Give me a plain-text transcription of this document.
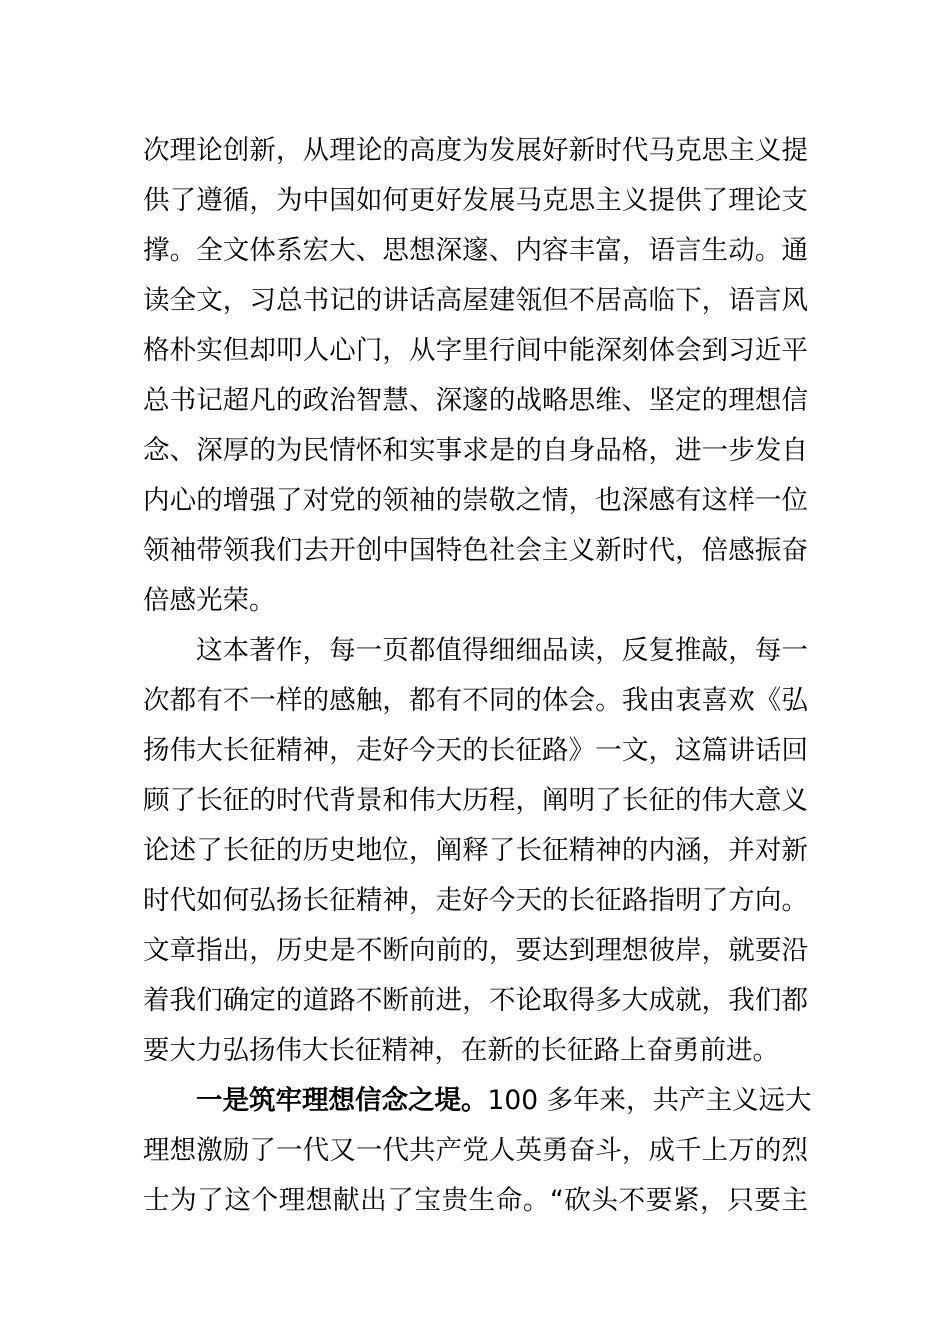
次理论创新，从理论的高度为发展好新时代马克思主义提
供了遵循，为中国如何更好发展马克思主义提供了理论支
撑。全文体系宏大、思想深邃、内容丰富，语言生动。通
读全文，习总书记的讲话高屋建瓴但不居高临下，语言风
格朴实但却叩人心门，从字里行间中能深刻体会到习近平
总书记超凡的政治智慧、深邃的战略思维、坚定的理想信
念、深厚的为民情怀和实事求是的自身品格，进一步发自
内心的增强了对党的领袖的崇敬之情，也深感有这样一位
领袖带领我们去开创中国特色社会主义新时代，倍感振奋
倍感光荣。
这本著作，每一页都值得细细品读，反复推敲，每一
次都有不一样的感触，都有不同的体会。我由衷喜欢《弘
扬伟大长征精神，走好今天的长征路》一文，这篇讲话回
顾了长征的时代背景和伟大历程，阐明了长征的伟大意义
论述了长征的历史地位，阐释了长征精神的内涵，并对新
时代如何弘扬长征精神，走好今天的长征路指明了方向。
文章指出，历史是不断向前的，要达到理想彼岸，就要沿
着我们确定的道路不断前进，不论取得多大成就，我们都
要大力弘扬伟大长征精神，在新的长征路上奋勇前进。
一是筑牢理想信念之堤。100 多年来，共产主义远大
理想激励了一代又一代共产党人英勇奋斗，成千上万的烈
士为了这个理想献出了宝贵生命。“砍头不要紧，只要主
